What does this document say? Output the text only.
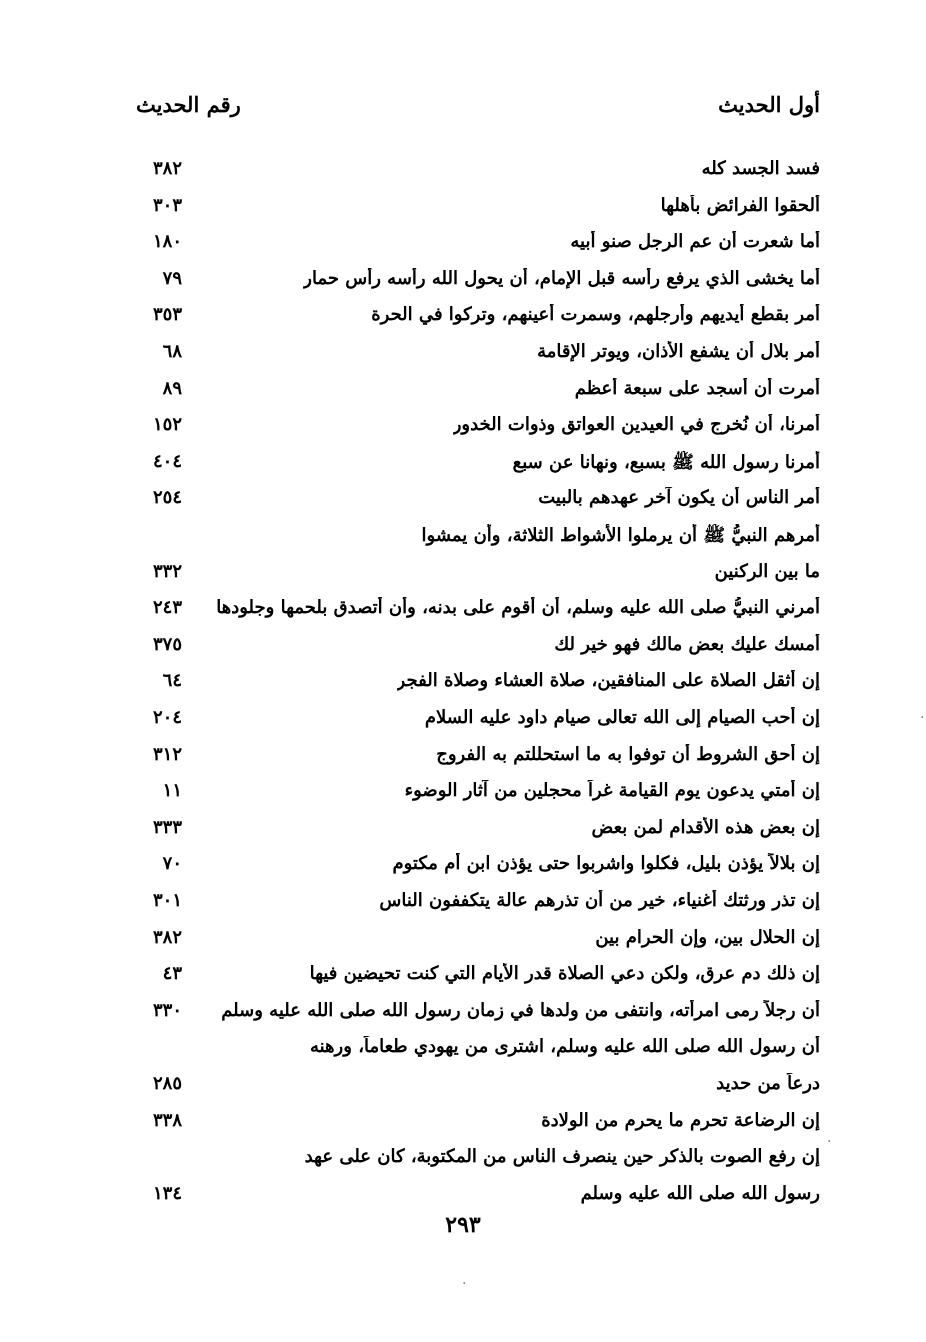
أول الحديث
رقم الحديث
فسد الجسد كله
٣٨٢
ألحقوا الفرائض بأهلها
٣٠٣
أما شعرت أن عم الرجل صنو أبيه
١٨٠
أما يخشى الذي يرفع رأسه قبل الإمام، أن يحول الله رأسه رأس حمار
٧٩
أمر بقطع أيديهم وأرجلهم، وسمرت أعينهم، وتركوا في الحرة
٣٥٣
أمر بلال أن يشفع الأذان، ويوتر الإقامة
٦٨
أمرت أن أسجد على سبعة أعظم
٨٩
أمرنا، أن نُخرج في العيدين العواتق وذوات الخدور
١٥٢
أمرنا رسول الله ﷺ بسبع، ونهانا عن سبع
٤٠٤
أمر الناس أن يكون آخر عهدهم بالبيت
٢٥٤
أمرهم النبيُّ ﷺ أن يرملوا الأشواط الثلاثة، وأن يمشوا
ما بين الركنين
٣٣٢
أمرني النبيُّ صلى الله عليه وسلم، أن أقوم على بدنه، وأن أتصدق بلحمها وجلودها
٢٤٣
أمسك عليك بعض مالك فهو خير لك
٣٧٥
إن أثقل الصلاة على المنافقين، صلاة العشاء وصلاة الفجر
٦٤
إن أحب الصيام إلى الله تعالى صيام داود عليه السلام
٢٠٤
إن أحق الشروط أن توفوا به ما استحللتم به الفروج
٣١٢
إن أمتي يدعون يوم القيامة غراً محجلين من آثار الوضوء
١١
إن بعض هذه الأقدام لمن بعض
٣٣٣
إن بلالاً يؤذن بليل، فكلوا واشربوا حتى يؤذن ابن أم مكتوم
٧٠
إن تذر ورثتك أغنياء، خير من أن تذرهم عالة يتكففون الناس
٣٠١
إن الحلال بين، وإن الحرام بين
٣٨٢
إن ذلك دم عرق، ولكن دعي الصلاة قدر الأيام التي كنت تحيضين فيها
٤٣
أن رجلاً رمى امرأته، وانتفى من ولدها في زمان رسول الله صلى الله عليه وسلم
٣٣٠
أن رسول الله صلى الله عليه وسلم، اشترى من يهودي طعاماً، ورهنه
درعاً من حديد
٢٨٥
إن الرضاعة تحرم ما يحرم من الولادة
٣٣٨
إن رفع الصوت بالذكر حين ينصرف الناس من المكتوبة، كان على عهد
رسول الله صلى الله عليه وسلم
١٣٤
٢٩٣
.
.
.
